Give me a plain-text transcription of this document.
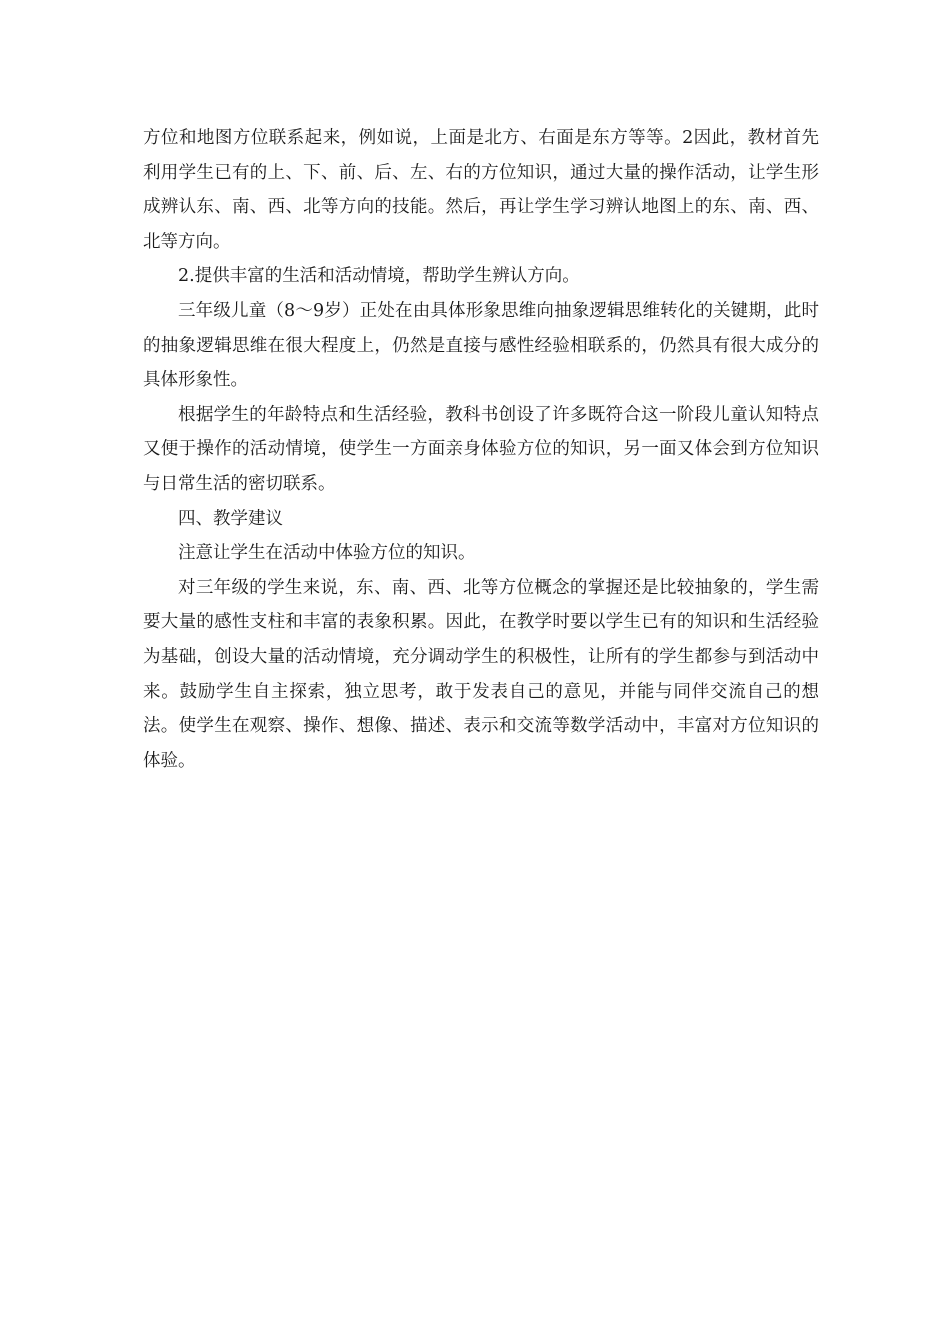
方位和地图方位联系起来，例如说，上面是北方、右面是东方等等。2因此，教材首先利用学生已有的上、下、前、后、左、右的方位知识，通过大量的操作活动，让学生形成辨认东、南、西、北等方向的技能。然后，再让学生学习辨认地图上的东、南、西、北等方向。

2.提供丰富的生活和活动情境，帮助学生辨认方向。

三年级儿童（8～9岁）正处在由具体形象思维向抽象逻辑思维转化的关键期，此时的抽象逻辑思维在很大程度上，仍然是直接与感性经验相联系的，仍然具有很大成分的具体形象性。

根据学生的年龄特点和生活经验，教科书创设了许多既符合这一阶段儿童认知特点又便于操作的活动情境，使学生一方面亲身体验方位的知识，另一面又体会到方位知识与日常生活的密切联系。

四、教学建议

注意让学生在活动中体验方位的知识。

对三年级的学生来说，东、南、西、北等方位概念的掌握还是比较抽象的，学生需要大量的感性支柱和丰富的表象积累。因此，在教学时要以学生已有的知识和生活经验为基础，创设大量的活动情境，充分调动学生的积极性，让所有的学生都参与到活动中来。鼓励学生自主探索，独立思考，敢于发表自己的意见，并能与同伴交流自己的想法。使学生在观察、操作、想像、描述、表示和交流等数学活动中，丰富对方位知识的体验。
